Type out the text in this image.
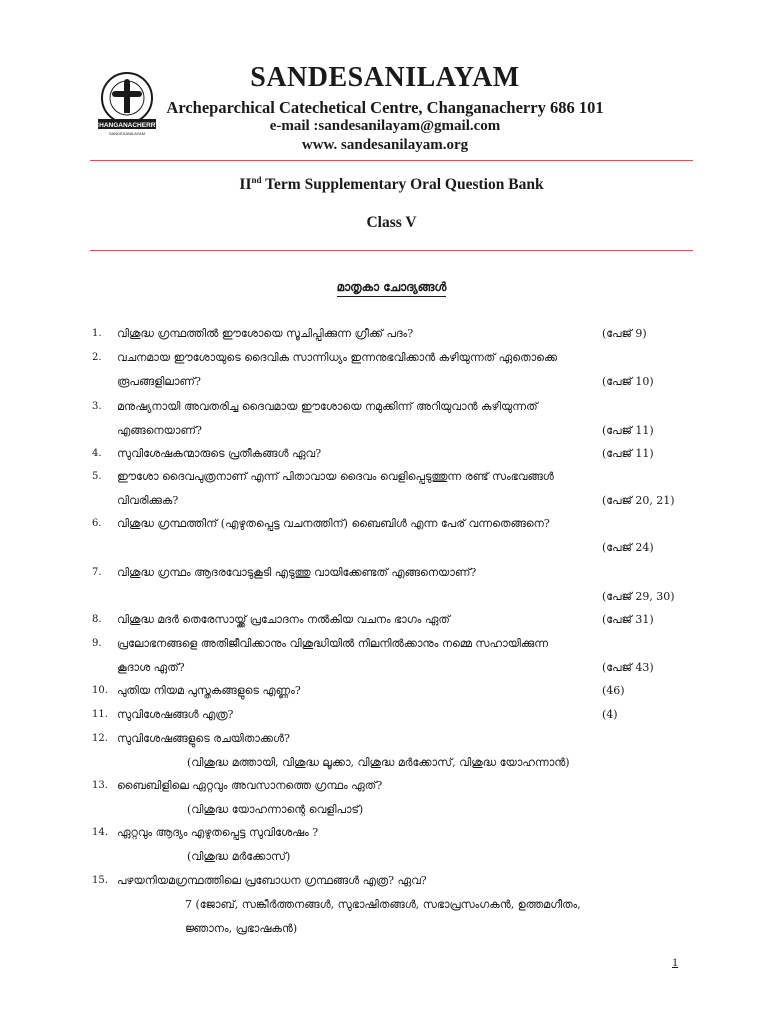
CHANGANACHERRY
SANDESANILAYAM
SANDESANILAYAM
Archeparchical Catechetical Centre, Changanacherry 686 101
e-mail :sandesanilayam@gmail.com
www. sandesanilayam.org
IInd Term Supplementary Oral Question Bank
Class V
മാതൃകാ ചോദ്യങ്ങൾ
1. വിശുദ്ധ ഗ്രന്ഥത്തിൽ ഈശോയെ സൂചിപ്പിക്കുന്ന ഗ്രീക്ക് പദം?	(പേജ് 9)
2. വചനമായ ഈശോയുടെ ദൈവിക സാന്നിധ്യം ഇന്നനുഭവിക്കാൻ കഴിയുന്നത് ഏതൊക്കെ
രൂപങ്ങളിലാണ്?	(പേജ് 10)
3. മനുഷ്യനായി അവതരിച്ച ദൈവമായ ഈശോയെ നമുക്കിന്ന് അറിയുവാൻ കഴിയുന്നത്
എങ്ങനെയാണ്?	(പേജ് 11)
4. സുവിശേഷകന്മാരുടെ പ്രതീകങ്ങൾ ഏവ?	(പേജ് 11)
5. ഈശോ ദൈവപുത്രനാണ് എന്ന് പിതാവായ ദൈവം വെളിപ്പെടുത്തുന്ന രണ്ട് സംഭവങ്ങൾ
വിവരിക്കുക?	(പേജ് 20, 21)
6. വിശുദ്ധ ഗ്രന്ഥത്തിന് (എഴുതപ്പെട്ട വചനത്തിന്) ബൈബിൾ എന്ന പേര് വന്നതെങ്ങനെ?
(പേജ് 24)
7. വിശുദ്ധ ഗ്രന്ഥം ആദരവോടുകൂടി എടുത്തു വായിക്കേണ്ടത് എങ്ങനെയാണ്?
(പേജ് 29, 30)
8. വിശുദ്ധ മദർ തെരേസായ്ക്ക് പ്രചോദനം നൽകിയ വചനം ഭാഗം ഏത്	(പേജ് 31)
9. പ്രലോഭനങ്ങളെ അതിജീവിക്കാനും വിശുദ്ധിയിൽ നിലനിൽക്കാനും നമ്മെ സഹായിക്കുന്ന
കൂദാശ ഏത്?	(പേജ് 43)
10. പുതിയ നിയമ പുസ്തകങ്ങളുടെ എണ്ണം?	(46)
11. സുവിശേഷങ്ങൾ എത്ര?	(4)
12. സുവിശേഷങ്ങളുടെ രചയിതാക്കൾ?
(വിശുദ്ധ മത്തായി, വിശുദ്ധ ലൂക്കാ, വിശുദ്ധ മർക്കോസ്, വിശുദ്ധ യോഹന്നാൻ)
13. ബൈബിളിലെ ഏറ്റവും അവസാനത്തെ ഗ്രന്ഥം ഏത്?
(വിശുദ്ധ യോഹന്നാന്റെ വെളിപാട്)
14. ഏറ്റവും ആദ്യം എഴുതപ്പെട്ട സുവിശേഷം ?
(വിശുദ്ധ മർക്കോസ്)
15. പഴയനിയമഗ്രന്ഥത്തിലെ പ്രബോധന ഗ്രന്ഥങ്ങൾ എത്ര? ഏവ?
7 (ജോബ്, സങ്കീർത്തനങ്ങൾ, സുഭാഷിതങ്ങൾ, സഭാപ്രസംഗകൻ, ഉത്തമഗീതം,
ജ്ഞാനം, പ്രഭാഷകൻ)
1
